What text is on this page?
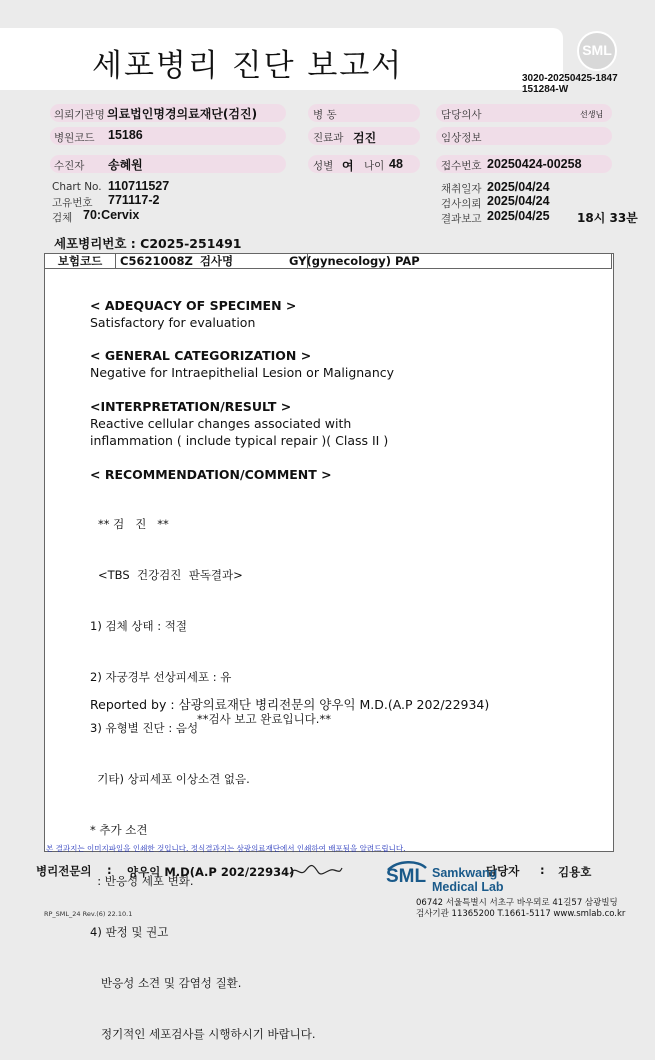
세포병리 진단 보고서	SML
3020-20250425-1847
151284-W
의뢰기관명 의료법인명경의료재단(검진)	병 동	담당의사	선생님
병원코드 15186	진료과 검진	임상정보
수진자 송혜원	성별 여 나이 48	접수번호 20250424-00258
Chart No. 110711527
고유번호 771117-2
검체 70:Cervix
채취일자 2025/04/24
검사의뢰 2025/04/24
결과보고 2025/04/25 18시 33분
세포병리번호 : C2025-251491
보험코드	C5621008Z 검사명	GY(gynecology) PAP
< ADEQUACY OF SPECIMEN >
Satisfactory for evaluation
< GENERAL CATEGORIZATION >
Negative for Intraepithelial Lesion or Malignancy
<INTERPRETATION/RESULT >
Reactive cellular changes associated with
inflammation ( include typical repair )( Class II )
< RECOMMENDATION/COMMENT >

** 검   진   **

<TBS  건강검진  판독결과>

1) 검체 상태 : 적절

2) 자궁경부 선상피세포 : 유

3) 유형별 진단 : 음성

기타) 상피세포 이상소견 없음.

* 추가 소견

: 반응성 세포 변화.

4) 판정 및 권고

반응성 소견 및 감염성 질환.

정기적인 세포검사를 시행하시기 바랍니다.

Reported by : 삼광의료재단 병리전문의 양우익 M.D.(A.P 202/22934)
**검사 보고 완료입니다.**
본 결과지는 이미지파일을 인쇄한 것입니다. 정식결과지는 삼광의료재단에서 인쇄하여 배포됨을 알려드립니다.
병리전문의 : 양우익 M.D(A.P 202/22934)	담당자 : 김용호
SML Samkwang
Medical Lab
06742 서울특별시 서초구 바우뫼로 41길57 삼광빌딩
검사기관 11365200 T.1661-5117 www.smlab.co.kr
RP_SML_24 Rev.(6) 22.10.1
